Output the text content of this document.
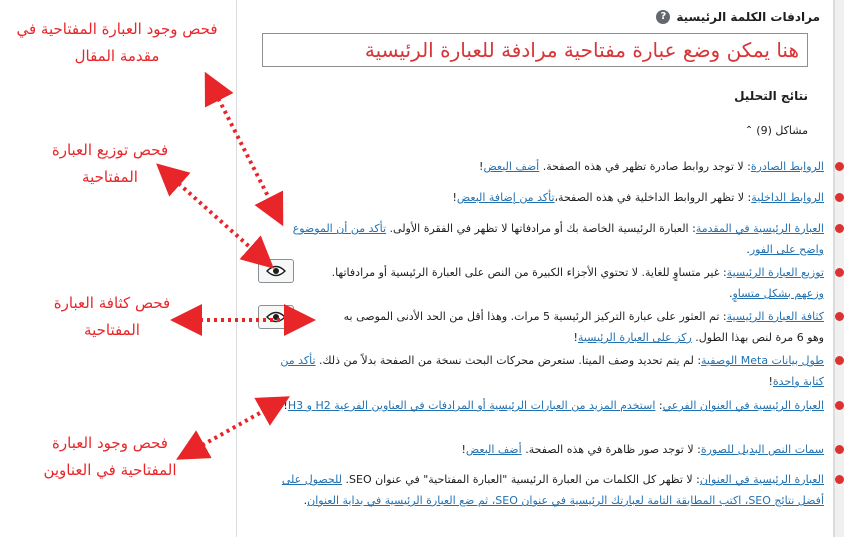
فحص وجود العبارة المفتاحية في مقدمة المقال
فحص توزيع العبارة المفتاحية
فحص كثافة العبارة المفتاحية
فحص وجود العبارة المفتاحية في العناوين
مرادفات الكلمة الرئيسية
?
هنا يمكن وضع عبارة مفتاحية مرادفة للعبارة الرئيسية
نتائج التحليل
مشاكل (9)
⌃
الروابط الصادرة: لا توجد روابط صادرة تظهر في هذه الصفحة. أضف البعض!
الروابط الداخلية: لا تظهر الروابط الداخلية في هذه الصفحة،تأكد من إضافة البعض!
العبارة الرئيسية في المقدمة: العبارة الرئيسية الخاصة بك أو مرادفاتها لا تظهر في الفقرة الأولى. تأكد من أن الموضوع واضح على الفور.
توزيع العبارة الرئيسية: غير متساوٍ للغاية. لا تحتوي الأجزاء الكبيرة من النص على العبارة الرئيسية أو مرادفاتها. وزعهم بشكل متساوٍ.
كثافة العبارة الرئيسية: تم العثور على عبارة التركيز الرئيسية 5 مرات. وهذا أقل من الحد الأدنى الموصى به وهو 6 مرة لنص بهذا الطول. ركز على العبارة الرئيسية!
طول بيانات Meta الوصفية: لم يتم تحديد وصف الميتا. ستعرض محركات البحث نسخة من الصفحة بدلاً من ذلك. تأكد من كتابة واحدة!
العبارة الرئيسية في العنوان الفرعي: استخدم المزيد من العبارات الرئيسية أو المرادفات في العناوين الفرعية H2 و H3!
سمات النص البديل للصورة: لا توجد صور ظاهرة في هذه الصفحة. أضف البعض!
العبارة الرئيسية في العنوان: لا تظهر كل الكلمات من العبارة الرئيسية "العبارة المفتاحية" في عنوان SEO. للحصول على أفضل نتائج SEO، اكتب المطابقة التامة لعبارتك الرئيسية في عنوان SEO، ثم ضع العبارة الرئيسية في بداية العنوان.
